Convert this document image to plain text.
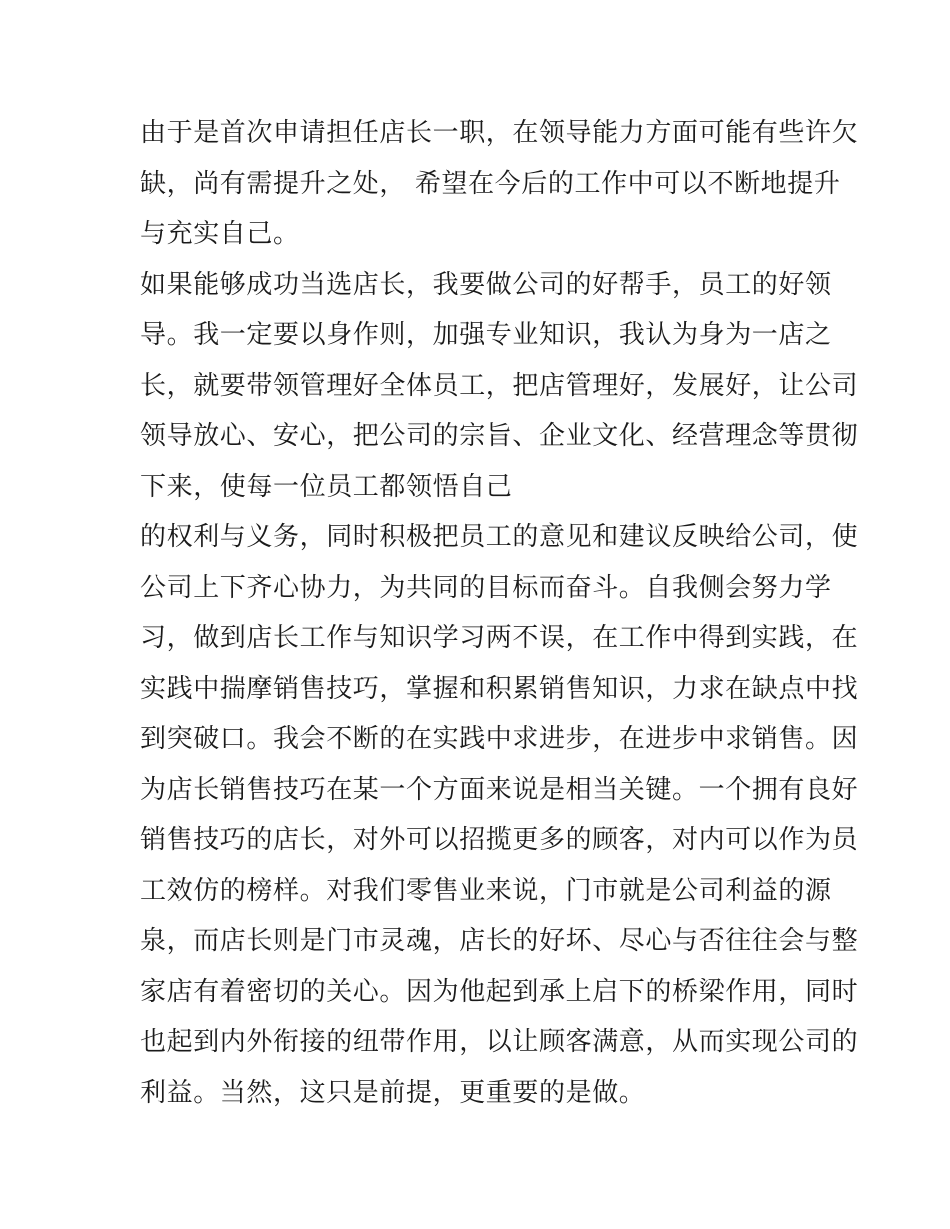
由于是首次申请担任店长一职，在领导能力方面可能有些许欠
缺，尚有需提升之处， 希望在今后的工作中可以不断地提升
与充实自己。
如果能够成功当选店长，我要做公司的好帮手，员工的好领
导。我一定要以身作则，加强专业知识，我认为身为一店之
长，就要带领管理好全体员工，把店管理好，发展好，让公司
领导放心、安心，把公司的宗旨、企业文化、经营理念等贯彻
下来，使每一位员工都领悟自己
的权利与义务，同时积极把员工的意见和建议反映给公司，使
公司上下齐心协力，为共同的目标而奋斗。自我侧会努力学
习，做到店长工作与知识学习两不误，在工作中得到实践，在
实践中揣摩销售技巧，掌握和积累销售知识，力求在缺点中找
到突破口。我会不断的在实践中求进步，在进步中求销售。因
为店长销售技巧在某一个方面来说是相当关键。一个拥有良好
销售技巧的店长，对外可以招揽更多的顾客，对内可以作为员
工效仿的榜样。对我们零售业来说，门市就是公司利益的源
泉，而店长则是门市灵魂，店长的好坏、尽心与否往往会与整
家店有着密切的关心。因为他起到承上启下的桥梁作用，同时
也起到内外衔接的纽带作用，以让顾客满意，从而实现公司的
利益。当然，这只是前提，更重要的是做。
